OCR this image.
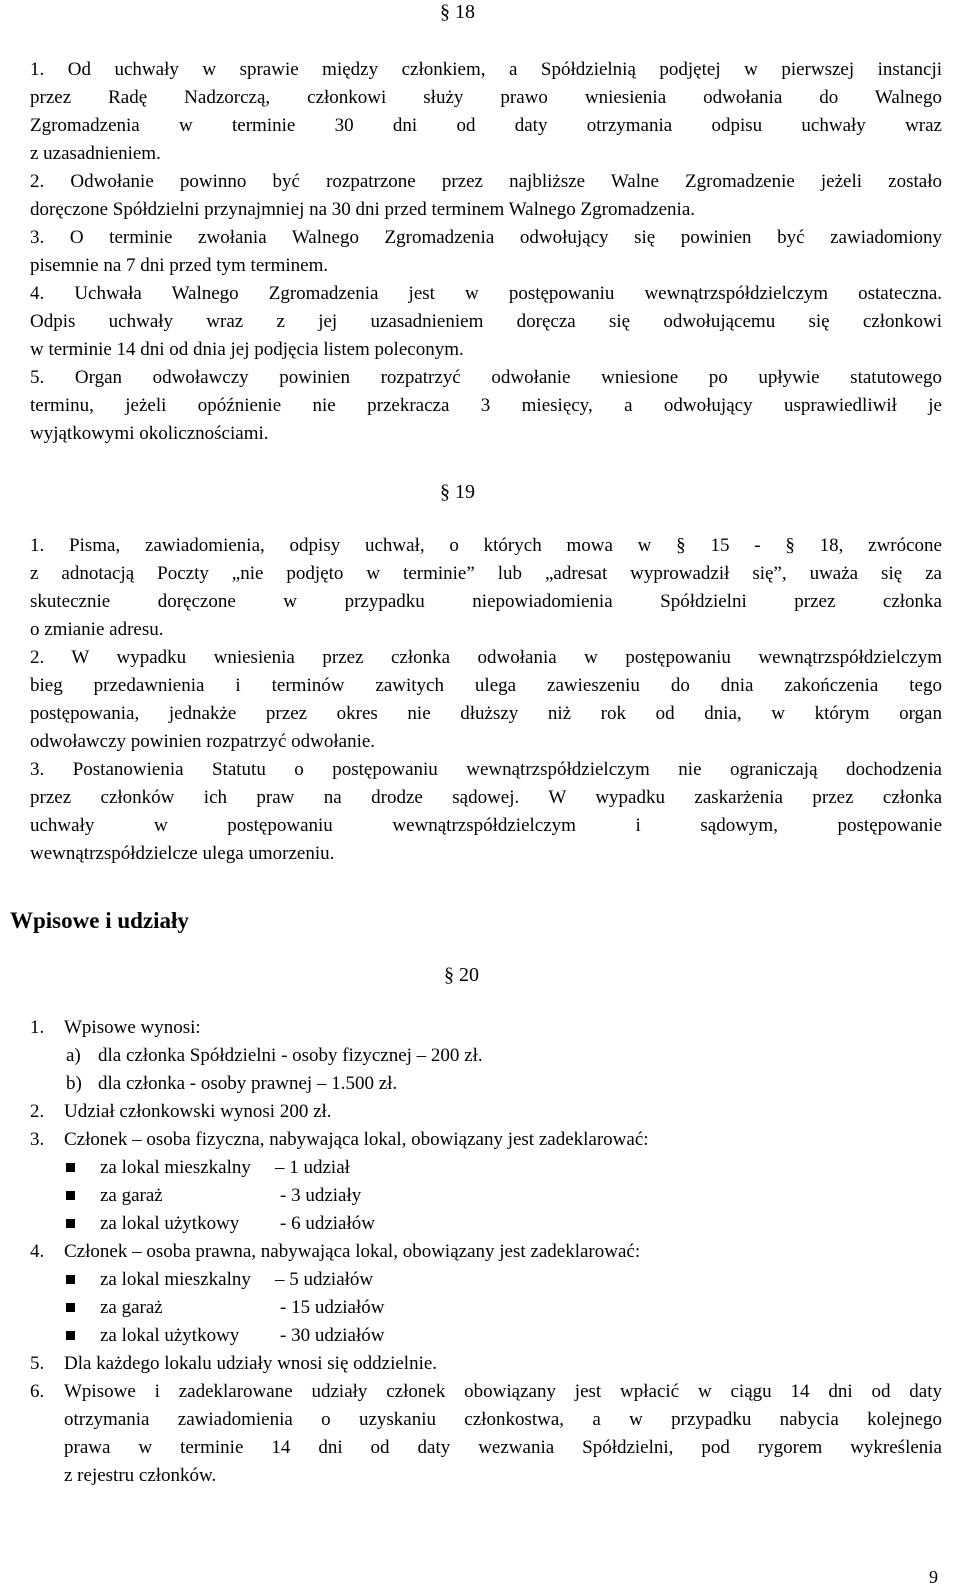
§ 18

1. Od uchwały w sprawie między członkiem, a Spółdzielnią podjętej w pierwszej instancji
przez Radę Nadzorczą, członkowi służy prawo wniesienia odwołania do Walnego
Zgromadzenia w terminie 30 dni od daty otrzymania odpisu uchwały wraz
z uzasadnieniem.

2. Odwołanie powinno być rozpatrzone przez najbliższe Walne Zgromadzenie jeżeli zostało
doręczone Spółdzielni przynajmniej na 30 dni przed terminem Walnego Zgromadzenia.

3. O terminie zwołania Walnego Zgromadzenia odwołujący się powinien być zawiadomiony
pisemnie na 7 dni przed tym terminem.

4. Uchwała Walnego Zgromadzenia jest w postępowaniu wewnątrzspółdzielczym ostateczna.
Odpis uchwały wraz z jej uzasadnieniem doręcza się odwołującemu się członkowi
w terminie 14 dni od dnia jej podjęcia listem poleconym.

5. Organ odwoławczy powinien rozpatrzyć odwołanie wniesione po upływie statutowego
terminu, jeżeli opóźnienie nie przekracza 3 miesięcy, a odwołujący usprawiedliwił je
wyjątkowymi okolicznościami.

§ 19

1. Pisma, zawiadomienia, odpisy uchwał, o których mowa w § 15 - § 18, zwrócone
z adnotacją Poczty „nie podjęto w terminie” lub „adresat wyprowadził się”, uważa się za
skutecznie doręczone w przypadku niepowiadomienia Spółdzielni przez członka
o zmianie adresu.

2. W wypadku wniesienia przez członka odwołania w postępowaniu wewnątrzspółdzielczym
bieg przedawnienia i terminów zawitych ulega zawieszeniu do dnia zakończenia tego
postępowania, jednakże przez okres nie dłuższy niż rok od dnia, w którym organ
odwoławczy powinien rozpatrzyć odwołanie.

3. Postanowienia Statutu o postępowaniu wewnątrzspółdzielczym nie ograniczają dochodzenia
przez członków ich praw na drodze sądowej. W wypadku zaskarżenia przez członka
uchwały w postępowaniu wewnątrzspółdzielczym i sądowym, postępowanie
wewnątrzspółdzielcze ulega umorzeniu.

Wpisowe i udziały
§ 20
1. Wpisowe wynosi:
a) dla członka Spółdzielni - osoby fizycznej – 200 zł.
b) dla członka - osoby prawnej – 1.500 zł.
2. Udział członkowski wynosi 200 zł.
3. Członek – osoba fizyczna, nabywająca lokal, obowiązany jest zadeklarować:
za lokal mieszkalny – 1 udział
za garaż	- 3 udziały
za lokal użytkowy - 6 udziałów
4. Członek – osoba prawna, nabywająca lokal, obowiązany jest zadeklarować:
za lokal mieszkalny – 5 udziałów
za garaż	- 15 udziałów
za lokal użytkowy - 30 udziałów
5. Dla każdego lokalu udziały wnosi się oddzielnie.
6. Wpisowe i zadeklarowane udziały członek obowiązany jest wpłacić w ciągu 14 dni od daty
otrzymania zawiadomienia o uzyskaniu członkostwa, a w przypadku nabycia kolejnego
prawa w terminie 14 dni od daty wezwania Spółdzielni, pod rygorem wykreślenia
z rejestru członków.

9
